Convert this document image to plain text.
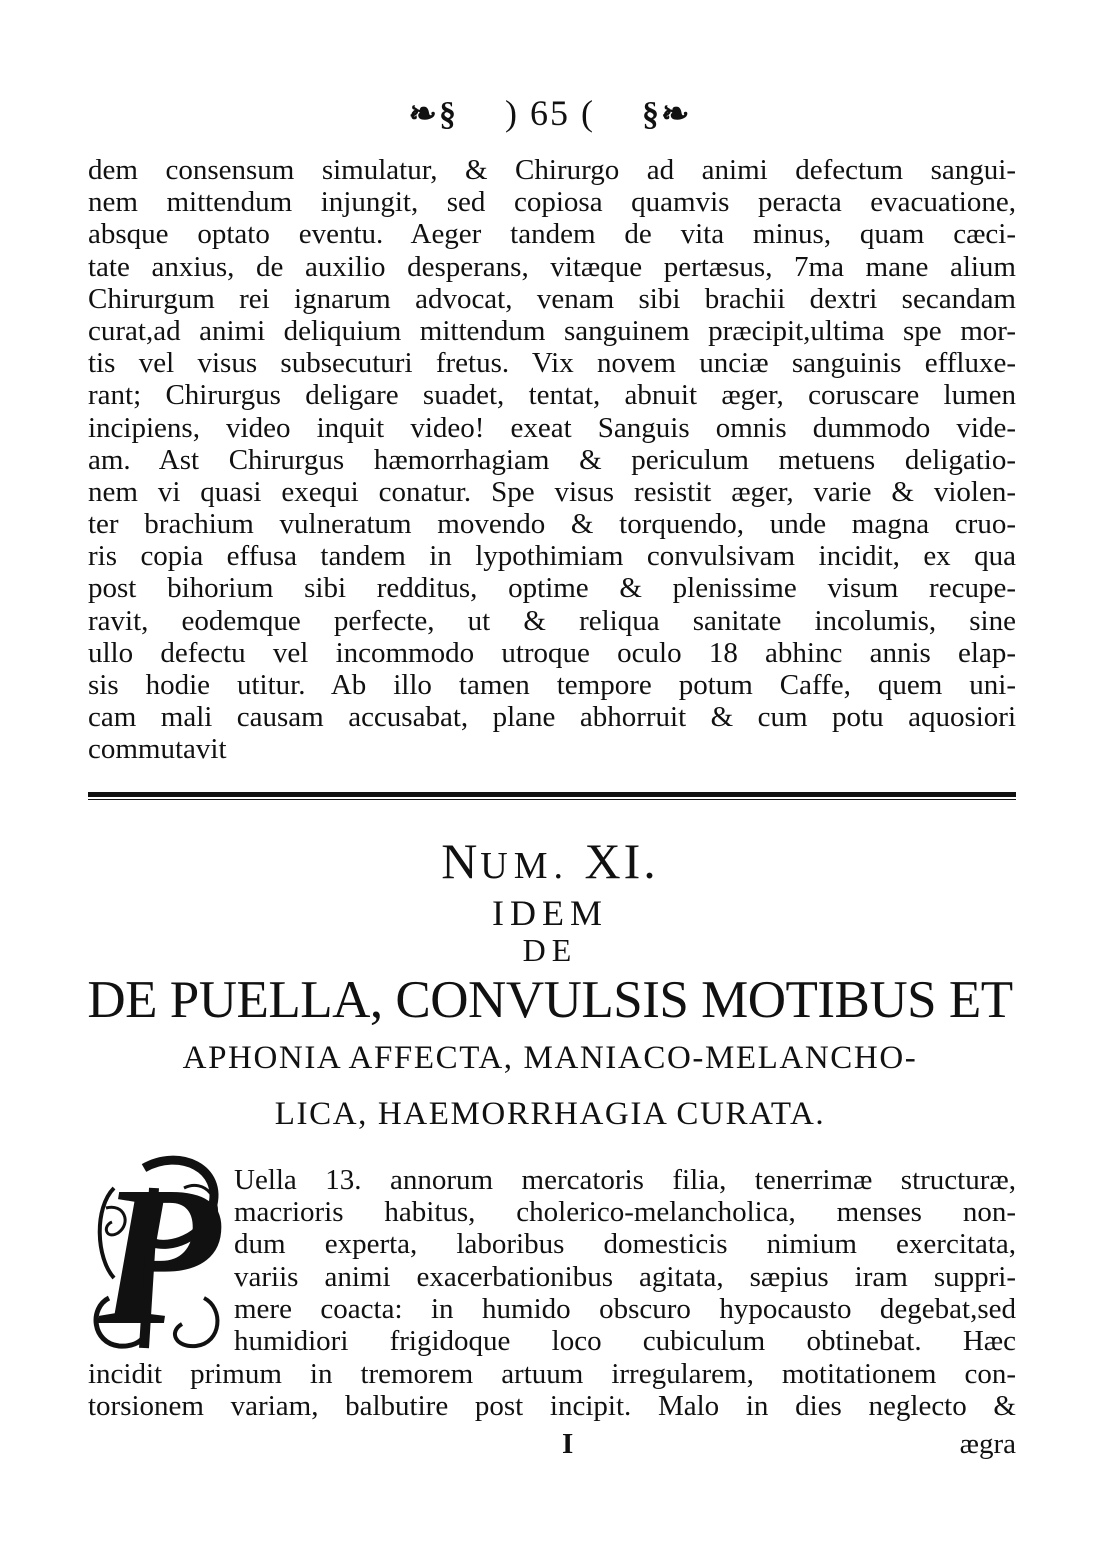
❧§ ) 65 ( §❧
dem consensum simulatur, & Chirurgo ad animi defectum sangui-
nem mittendum injungit, sed copiosa quamvis peracta evacuatione,
absque optato eventu. Aeger tandem de vita minus, quam cæci-
tate anxius, de auxilio desperans, vitæque pertæsus, 7ma mane alium
Chirurgum rei ignarum advocat, venam sibi brachii dextri secandam
curat,ad animi deliquium mittendum sanguinem præcipit,ultima spe mor-
tis vel visus subsecuturi fretus. Vix novem unciæ sanguinis effluxe-
rant; Chirurgus deligare suadet, tentat, abnuit æger, coruscare lumen
incipiens, video inquit video! exeat Sanguis omnis dummodo vide-
am. Ast Chirurgus hæmorrhagiam & periculum metuens deligatio-
nem vi quasi exequi conatur. Spe visus resistit æger, varie & violen-
ter brachium vulneratum movendo & torquendo, unde magna cruo-
ris copia effusa tandem in lypothimiam convulsivam incidit, ex qua
post bihorium sibi redditus, optime & plenissime visum recupe-
ravit, eodemque perfecte, ut & reliqua sanitate incolumis, sine
ullo defectu vel incommodo utroque oculo 18 abhinc annis elap-
sis hodie utitur. Ab illo tamen tempore potum Caffe, quem uni-
cam mali causam accusabat, plane abhorruit & cum potu aquosiori
commutavit
NUM. XI.
IDEM
DE
DE PUELLA, CONVULSIS MOTIBUS ET
APHONIA AFFECTA, MANIACO-MELANCHO-
LICA, HAEMORRHAGIA CURATA.
P Uella 13. annorum mercatoris filia, tenerrimæ structuræ,
macrioris habitus, cholerico-melancholica, menses non-
dum experta, laboribus domesticis nimium exercitata,
variis animi exacerbationibus agitata, sæpius iram suppri-
mere coacta: in humido obscuro hypocausto degebat,sed
humidiori frigidoque loco cubiculum obtinebat. Hæc
incidit primum in tremorem artuum irregularem, motitationem con-
torsionem variam, balbutire post incipit. Malo in dies neglecto &
I	ægra
